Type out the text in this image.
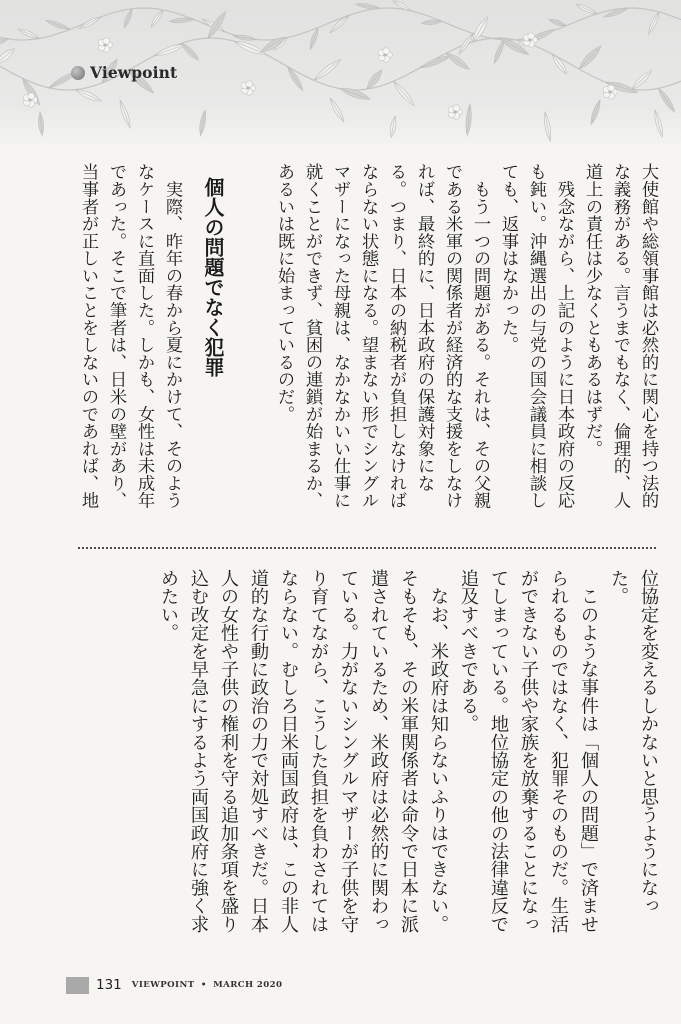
Viewpoint
大使館や総領事館は必然的に関心を持つ法的
な義務がある。言うまでもなく、倫理的、人
道上の責任は少なくともあるはずだ。
　残念ながら、上記のように日本政府の反応
も鈍い。沖縄選出の与党の国会議員に相談し
ても、返事はなかった。
　もう一つの問題がある。それは、その父親
である米軍の関係者が経済的な支援をしなけ
れば、最終的に、日本政府の保護対象にな
る。つまり、日本の納税者が負担しなければ
ならない状態になる。望まない形でシングル
マザーになった母親は、なかなかいい仕事に
就くことができず、貧困の連鎖が始まるか、
あるいは既に始まっているのだ。
個人の問題でなく犯罪
　実際、昨年の春から夏にかけて、そのよう
なケースに直面した。しかも、女性は未成年
であった。そこで筆者は、日米の壁があり、
当事者が正しいことをしないのであれば、地
位協定を変えるしかないと思うようになっ
た。
　このような事件は「個人の問題」で済ませ
られるものではなく、犯罪そのものだ。生活
ができない子供や家族を放棄することになっ
てしまっている。地位協定の他の法律違反で
追及すべきである。
　なお、米政府は知らないふりはできない。
そもそも、その米軍関係者は命令で日本に派
遣されているため、米政府は必然的に関わっ
ている。力がないシングルマザーが子供を守
り育てながら、こうした負担を負わされては
ならない。むしろ日米両国政府は、この非人
道的な行動に政治の力で対処すべきだ。日本
人の女性や子供の権利を守る追加条項を盛り
込む改定を早急にするよう両国政府に強く求
めたい。
131 VIEWPOINT • MARCH 2020
